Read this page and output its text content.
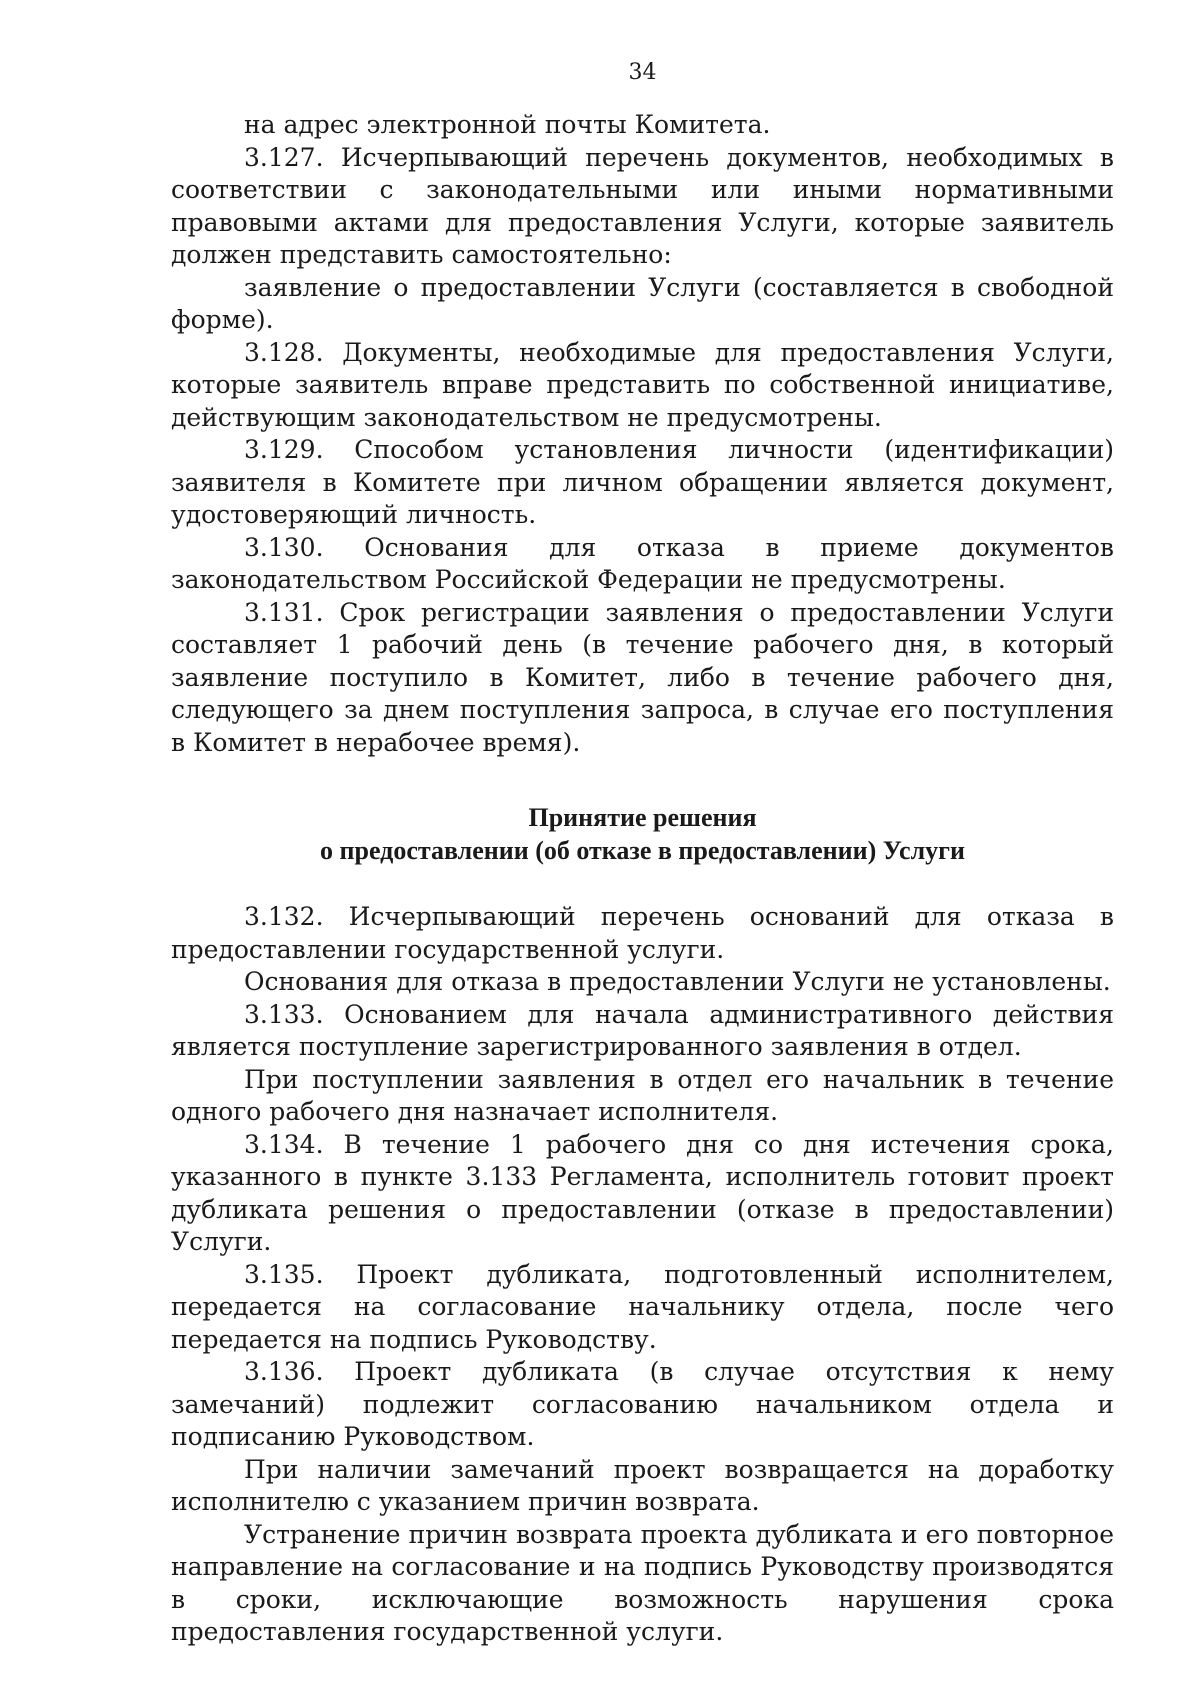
34

на адрес электронной почты Комитета.

3.127. Исчерпывающий перечень документов, необходимых в соответствии с законодательными или иными нормативными правовыми актами для предоставления Услуги, которые заявитель должен представить самостоятельно:

заявление о предоставлении Услуги (составляется в свободной форме).

3.128. Документы, необходимые для предоставления Услуги, которые заявитель вправе представить по собственной инициативе, действующим законодательством не предусмотрены.

3.129. Способом установления личности (идентификации) заявителя в Комитете при личном обращении является документ, удостоверяющий личность.

3.130. Основания для отказа в приеме документов законодательством Российской Федерации не предусмотрены.

3.131. Срок регистрации заявления о предоставлении Услуги составляет 1 рабочий день (в течение рабочего дня, в который заявление поступило в Комитет, либо в течение рабочего дня, следующего за днем поступления запроса, в случае его поступления в Комитет в нерабочее время).

Принятие решения
о предоставлении (об отказе в предоставлении) Услуги

3.132. Исчерпывающий перечень оснований для отказа в предоставлении государственной услуги.

Основания для отказа в предоставлении Услуги не установлены.

3.133. Основанием для начала административного действия является поступление зарегистрированного заявления в отдел.

При поступлении заявления в отдел его начальник в течение одного рабочего дня назначает исполнителя.

3.134. В течение 1 рабочего дня со дня истечения срока, указанного в пункте 3.133 Регламента, исполнитель готовит проект дубликата решения о предоставлении (отказе в предоставлении) Услуги.

3.135. Проект дубликата, подготовленный исполнителем, передается на согласование начальнику отдела, после чего передается на подпись Руководству.

3.136. Проект дубликата (в случае отсутствия к нему замечаний) подлежит согласованию начальником отдела и подписанию Руководством.

При наличии замечаний проект возвращается на доработку исполнителю с указанием причин возврата.

Устранение причин возврата проекта дубликата и его повторное направление на согласование и на подпись Руководству производятся в сроки, исключающие возможность нарушения срока предоставления государственной услуги.
